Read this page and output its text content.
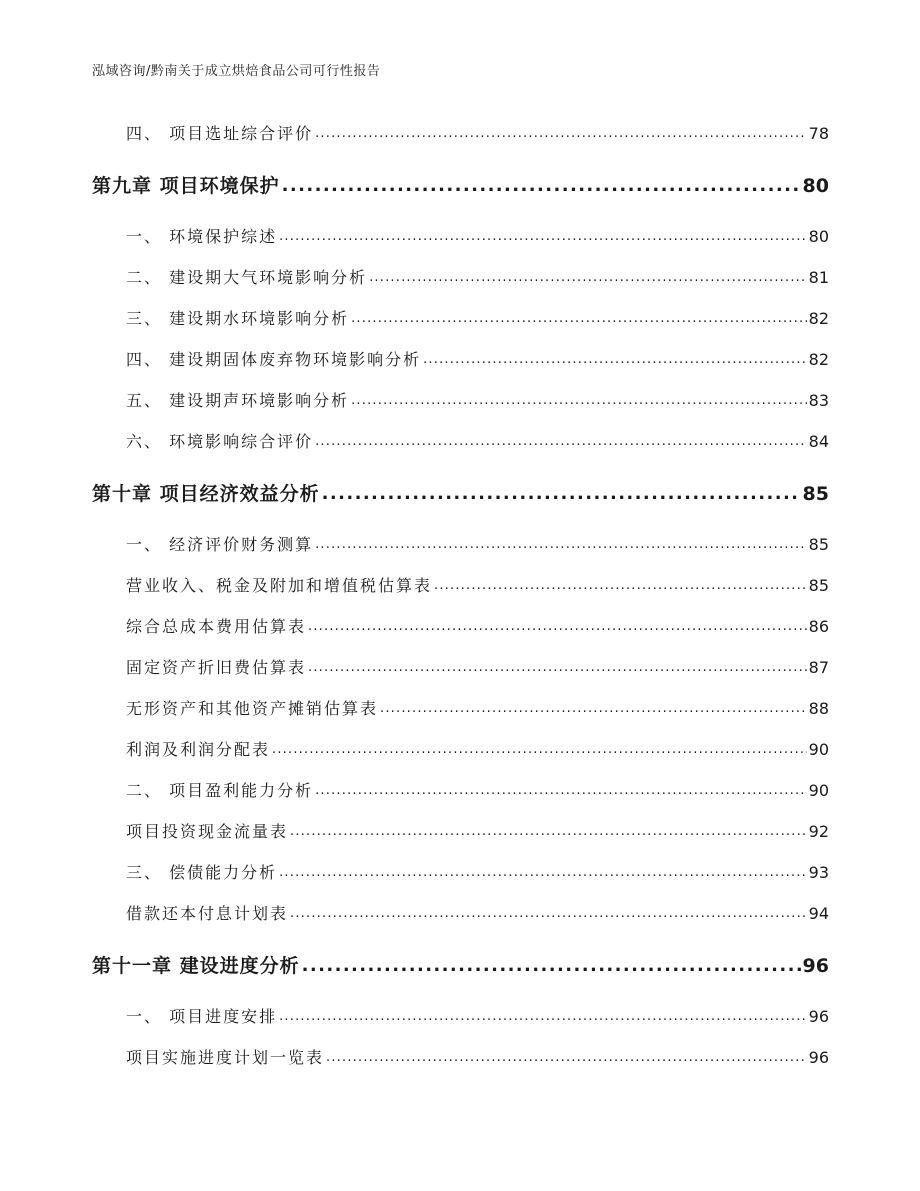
泓域咨询/黔南关于成立烘焙食品公司可行性报告
四、 项目选址综合评价 .....	78
第九章 项目环境保护 .....	80
一、 环境保护综述 .....	80
二、 建设期大气环境影响分析 .....	81
三、 建设期水环境影响分析 .....	82
四、 建设期固体废弃物环境影响分析 .....	82
五、 建设期声环境影响分析 .....	83
六、 环境影响综合评价 .....	84
第十章 项目经济效益分析 .....	85
一、 经济评价财务测算 .....	85
营业收入、税金及附加和增值税估算表 .....	85
综合总成本费用估算表 .....	86
固定资产折旧费估算表 .....	87
无形资产和其他资产摊销估算表 .....	88
利润及利润分配表 .....	90
二、 项目盈利能力分析 .....	90
项目投资现金流量表 .....	92
三、 偿债能力分析 .....	93
借款还本付息计划表 .....	94
第十一章 建设进度分析 .....	96
一、 项目进度安排 .....	96
项目实施进度计划一览表 .....	96
